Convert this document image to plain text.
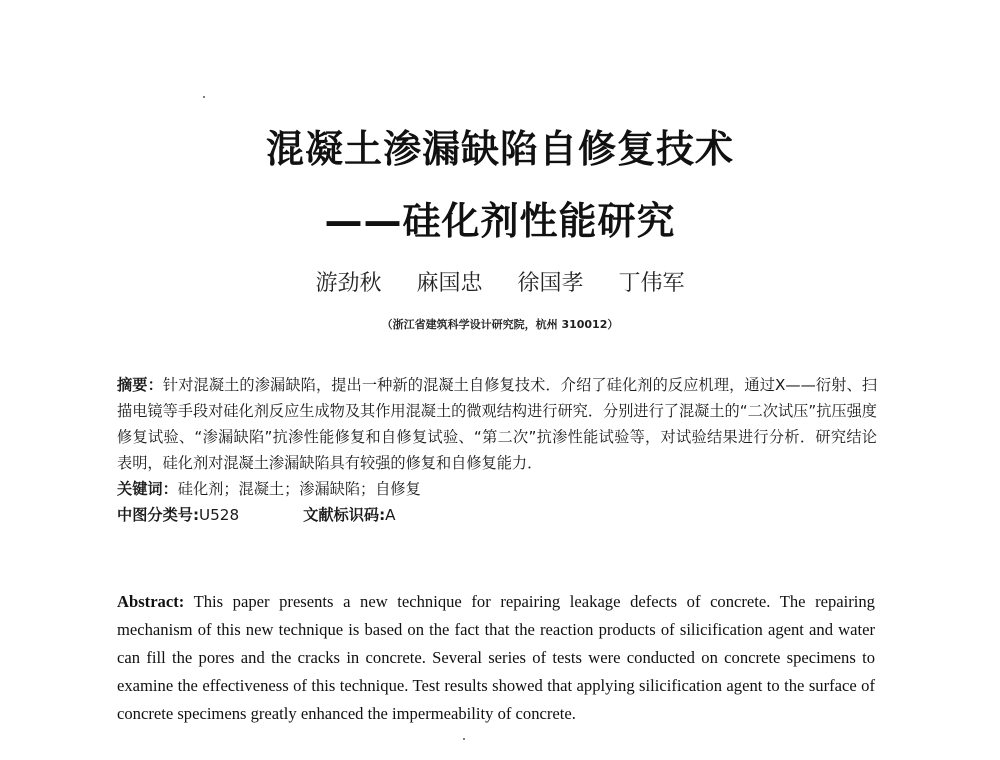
混凝土渗漏缺陷自修复技术
——硅化剂性能研究
游劲秋 麻国忠 徐国孝 丁伟军
（浙江省建筑科学设计研究院，杭州 310012）
摘要：针对混凝土的渗漏缺陷，提出一种新的混凝土自修复技术．介绍了硅化剂的反应机理，通过X——衍射、扫描电镜等手段对硅化剂反应生成物及其作用混凝土的微观结构进行研究．分别进行了混凝土的“二次试压”抗压强度修复试验、“渗漏缺陷”抗渗性能修复和自修复试验、“第二次”抗渗性能试验等，对试验结果进行分析．研究结论表明，硅化剂对混凝土渗漏缺陷具有较强的修复和自修复能力．
关键词：硅化剂；混凝土；渗漏缺陷；自修复
中图分类号:U528	文献标识码:A
Abstract: This paper presents a new technique for repairing leakage defects of concrete. The repairing mechanism of this new technique is based on the fact that the reaction products of silicification agent and water can fill the pores and the cracks in concrete. Several series of tests were conducted on concrete specimens to examine the effectiveness of this technique. Test results showed that applying silicification agent to the surface of concrete specimens greatly enhanced the impermeability of concrete.
